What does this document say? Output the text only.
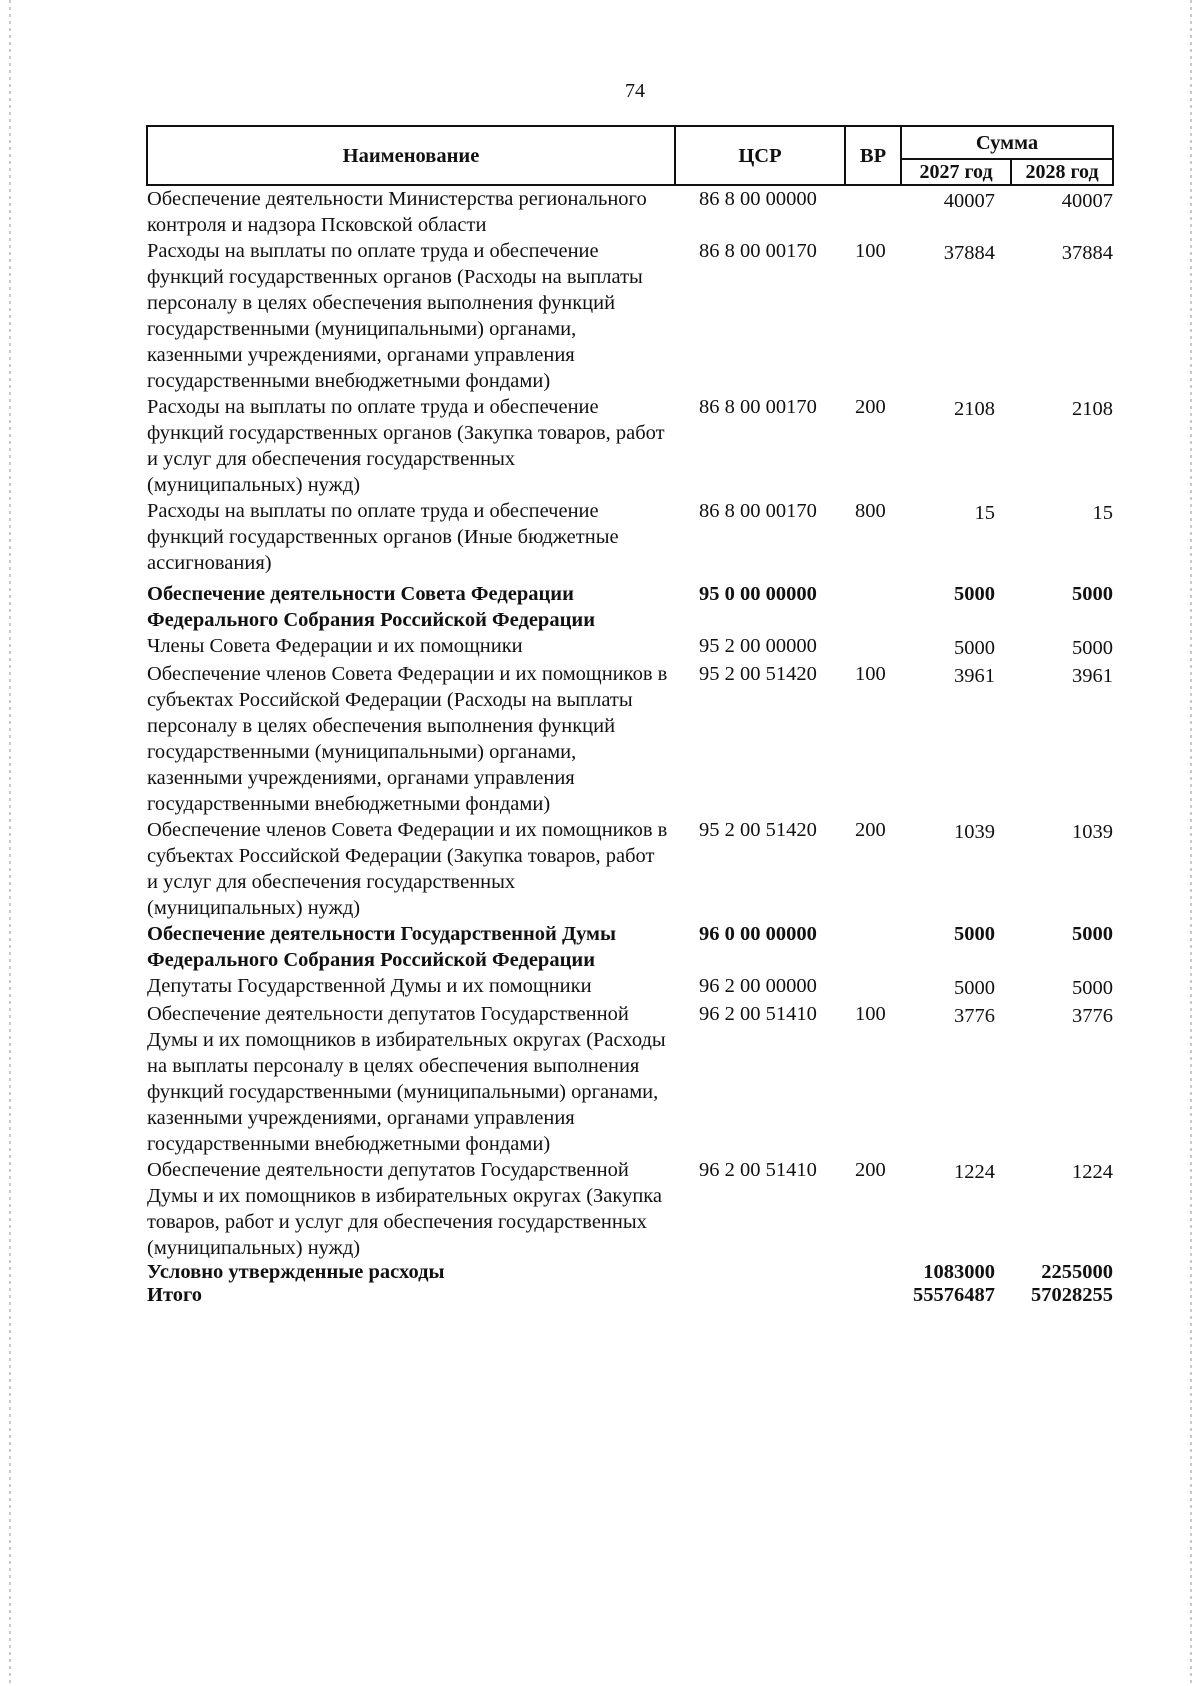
74
Наименование	ЦСР	ВР	Сумма	
			2027 год	2028 год
Обеспечение деятельности Министерства регионального контроля и надзора Псковской области	86 8 00 00000		40007	40007
Расходы на выплаты по оплате труда и обеспечение функций государственных органов (Расходы на выплаты персоналу в целях обеспечения выполнения функций государственными (муниципальными) органами, казенными учреждениями, органами управления государственными внебюджетными фондами)	86 8 00 00170	100	37884	37884
Расходы на выплаты по оплате труда и обеспечение функций государственных органов (Закупка товаров, работ и услуг для обеспечения государственных (муниципальных) нужд)	86 8 00 00170	200	2108	2108
Расходы на выплаты по оплате труда и обеспечение функций государственных органов (Иные бюджетные ассигнования)	86 8 00 00170	800	15	15
Обеспечение деятельности Совета Федерации Федерального Собрания Российской Федерации	95 0 00 00000		5000	5000
Члены Совета Федерации и их помощники	95 2 00 00000		5000	5000
Обеспечение членов Совета Федерации и их помощников в субъектах Российской Федерации (Расходы на выплаты персоналу в целях обеспечения выполнения функций государственными (муниципальными) органами, казенными учреждениями, органами управления государственными внебюджетными фондами)	95 2 00 51420	100	3961	3961
Обеспечение членов Совета Федерации и их помощников в субъектах Российской Федерации (Закупка товаров, работ и услуг для обеспечения государственных (муниципальных) нужд)	95 2 00 51420	200	1039	1039
Обеспечение деятельности Государственной Думы Федерального Собрания Российской Федерации	96 0 00 00000		5000	5000
Депутаты Государственной Думы и их помощники	96 2 00 00000		5000	5000
Обеспечение деятельности депутатов Государственной Думы и их помощников в избирательных округах (Расходы на выплаты персоналу в целях обеспечения выполнения функций государственными (муниципальными) органами, казенными учреждениями, органами управления государственными внебюджетными фондами)	96 2 00 51410	100	3776	3776
Обеспечение деятельности депутатов Государственной Думы и их помощников в избирательных округах (Закупка товаров, работ и услуг для обеспечения государственных (муниципальных) нужд)	96 2 00 51410	200	1224	1224
Условно утвержденные расходы			1083000	2255000
Итого			55576487	57028255
